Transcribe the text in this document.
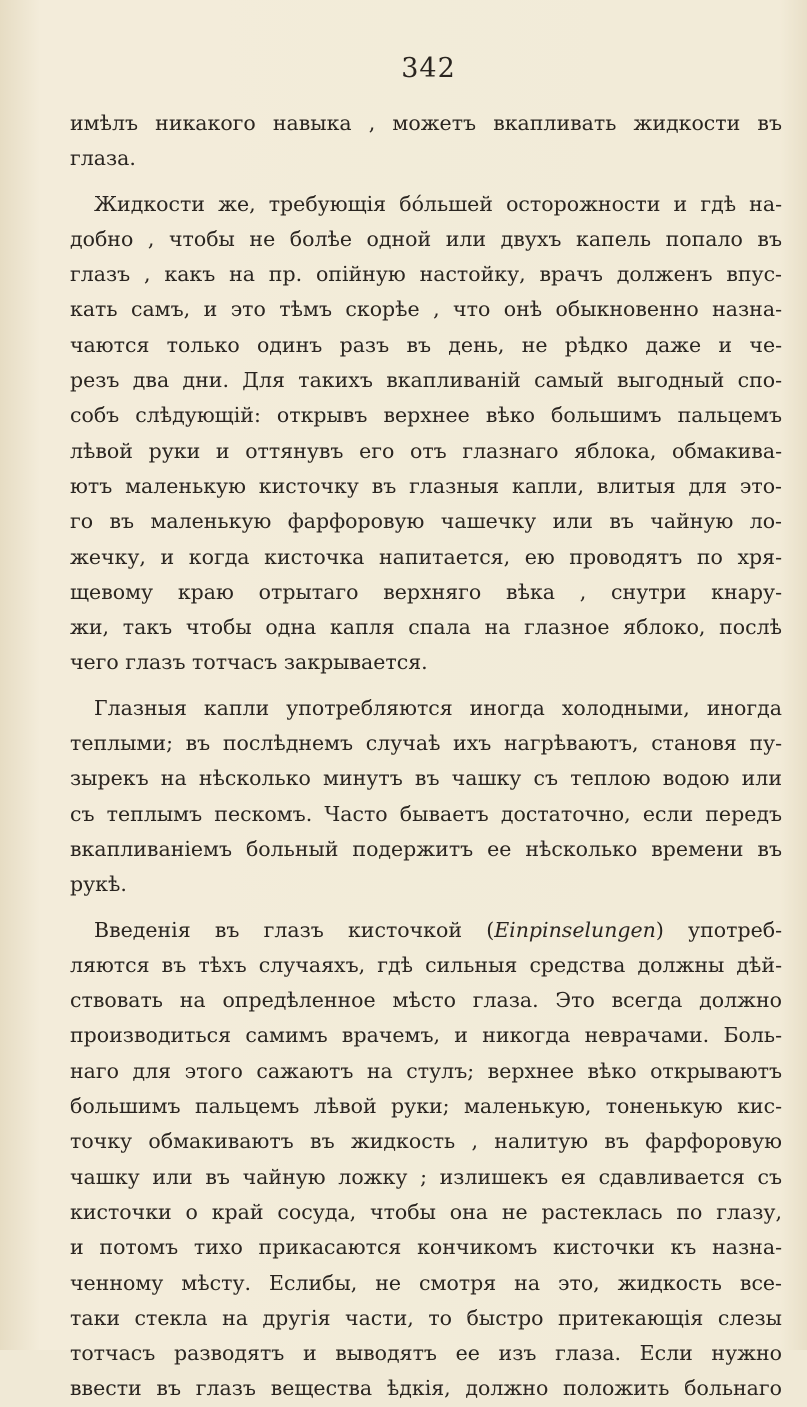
342
имѣлъ никакого навыка , можетъ вкапливать жидкости въ
глаза.
Жидкости же, требующія бо́льшей осторожности и гдѣ на-
добно , чтобы не болѣе одной или двухъ капель попало въ
глазъ , какъ на пр. опійную настойку, врачъ долженъ впус-
кать самъ, и это тѣмъ скорѣе , что онѣ обыкновенно назна-
чаются только одинъ разъ въ день, не рѣдко даже и че-
резъ два дни. Для такихъ вкапливаній самый выгодный спо-
собъ слѣдующій: открывъ верхнее вѣко большимъ пальцемъ
лѣвой руки и оттянувъ его отъ глазнаго яблока, обмакива-
ютъ маленькую кисточку въ глазныя капли, влитыя для это-
го въ маленькую фарфоровую чашечку или въ чайную ло-
жечку, и когда кисточка напитается, ею проводятъ по хря-
щевому краю отрытаго верхняго вѣка , снутри кнару-
жи, такъ чтобы одна капля спала на глазное яблоко, послѣ
чего глазъ тотчасъ закрывается.
Глазныя капли употребляются иногда холодными, иногда
теплыми; въ послѣднемъ случаѣ ихъ нагрѣваютъ, становя пу-
зырекъ на нѣсколько минутъ въ чашку съ теплою водою или
съ теплымъ пескомъ. Часто бываетъ достаточно, если передъ
вкапливаніемъ больный подержитъ ее нѣсколько времени въ
рукѣ.
Введенія въ глазъ кисточкой (Einpinselungen) употреб-
ляются въ тѣхъ случаяхъ, гдѣ сильныя средства должны дѣй-
ствовать на опредѣленное мѣсто глаза. Это всегда должно
производиться самимъ врачемъ, и никогда неврачами. Боль-
наго для этого сажаютъ на стулъ; верхнее вѣко открываютъ
большимъ пальцемъ лѣвой руки; маленькую, тоненькую кис-
точку обмакиваютъ въ жидкость , налитую въ фарфоровую
чашку или въ чайную ложку ; излишекъ ея сдавливается съ
кисточки о край сосуда, чтобы она не растеклась по глазу,
и потомъ тихо прикасаются кончикомъ кисточки къ назна-
ченному мѣсту. Еслибы, не смотря на это, жидкость все-
таки стекла на другія части, то быстро притекающія слезы
тотчасъ разводятъ и выводятъ ее изъ глаза. Если нужно
ввести въ глазъ вещества ѣдкія, должно положить больнаго
